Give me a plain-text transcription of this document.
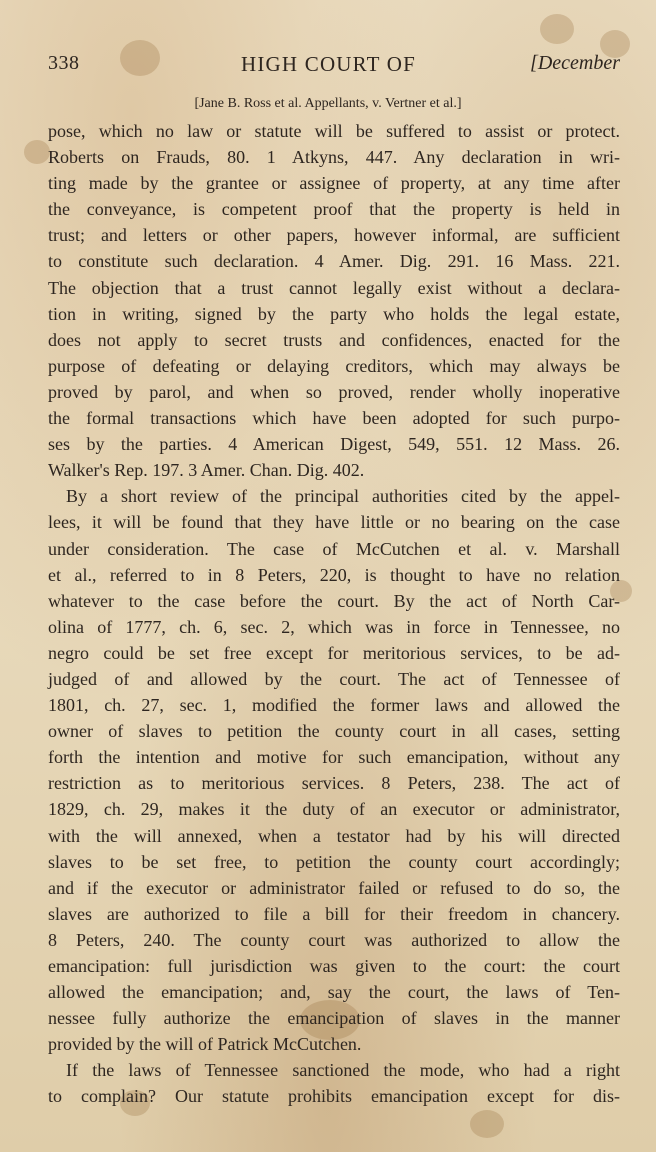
338	HIGH COURT OF	[December
[Jane B. Ross et al. Appellants, v. Vertner et al.]
pose, which no law or statute will be suffered to assist or protect.
Roberts on Frauds, 80. 1 Atkyns, 447. Any declaration in wri-
ting made by the grantee or assignee of property, at any time after
the conveyance, is competent proof that the property is held in
trust; and letters or other papers, however informal, are sufficient
to constitute such declaration. 4 Amer. Dig. 291. 16 Mass. 221.
The objection that a trust cannot legally exist without a declara-
tion in writing, signed by the party who holds the legal estate,
does not apply to secret trusts and confidences, enacted for the
purpose of defeating or delaying creditors, which may always be
proved by parol, and when so proved, render wholly inoperative
the formal transactions which have been adopted for such purpo-
ses by the parties. 4 American Digest, 549, 551. 12 Mass. 26.
Walker's Rep. 197. 3 Amer. Chan. Dig. 402.
By a short review of the principal authorities cited by the appel-
lees, it will be found that they have little or no bearing on the case
under consideration. The case of McCutchen et al. v. Marshall
et al., referred to in 8 Peters, 220, is thought to have no relation
whatever to the case before the court. By the act of North Car-
olina of 1777, ch. 6, sec. 2, which was in force in Tennessee, no
negro could be set free except for meritorious services, to be ad-
judged of and allowed by the court. The act of Tennessee of
1801, ch. 27, sec. 1, modified the former laws and allowed the
owner of slaves to petition the county court in all cases, setting
forth the intention and motive for such emancipation, without any
restriction as to meritorious services. 8 Peters, 238. The act of
1829, ch. 29, makes it the duty of an executor or administrator,
with the will annexed, when a testator had by his will directed
slaves to be set free, to petition the county court accordingly;
and if the executor or administrator failed or refused to do so, the
slaves are authorized to file a bill for their freedom in chancery.
8 Peters, 240. The county court was authorized to allow the
emancipation: full jurisdiction was given to the court: the court
allowed the emancipation; and, say the court, the laws of Ten-
nessee fully authorize the emancipation of slaves in the manner
provided by the will of Patrick McCutchen.
If the laws of Tennessee sanctioned the mode, who had a right
to complain? Our statute prohibits emancipation except for dis-
